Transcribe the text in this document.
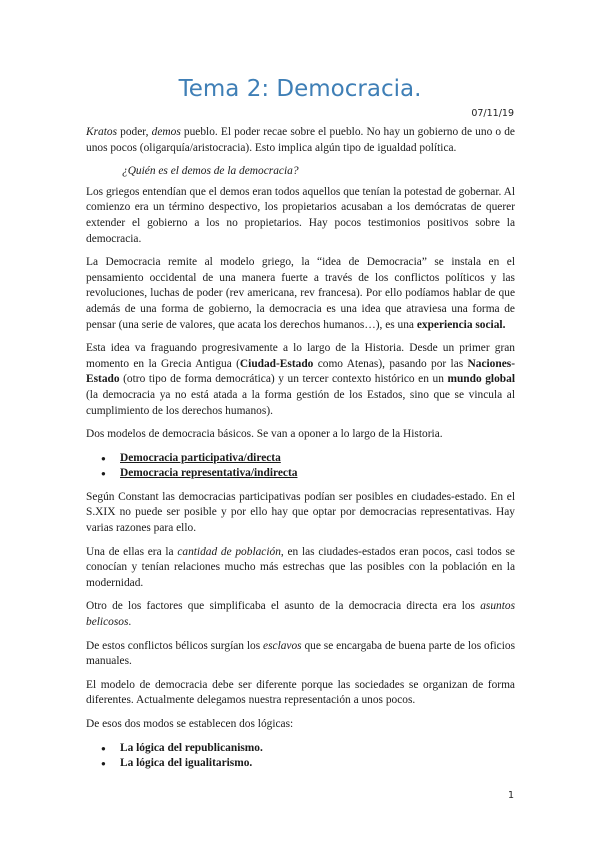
Tema 2: Democracia.
07/11/19

Kratos poder, demos pueblo. El poder recae sobre el pueblo. No hay un gobierno de uno o de unos pocos (oligarquía/aristocracia). Esto implica algún tipo de igualdad política.

¿Quién es el demos de la democracia?

Los griegos entendían que el demos eran todos aquellos que tenían la potestad de gobernar. Al comienzo era un término despectivo, los propietarios acusaban a los demócratas de querer extender el gobierno a los no propietarios. Hay pocos testimonios positivos sobre la democracia.

La Democracia remite al modelo griego, la “idea de Democracia” se instala en el pensamiento occidental de una manera fuerte a través de los conflictos políticos y las revoluciones, luchas de poder (rev americana, rev francesa). Por ello podíamos hablar de que además de una forma de gobierno, la democracia es una idea que atraviesa una forma de pensar (una serie de valores, que acata los derechos humanos…), es una experiencia social.

Esta idea va fraguando progresivamente a lo largo de la Historia. Desde un primer gran momento en la Grecia Antigua (Ciudad-Estado como Atenas), pasando por las Naciones-Estado (otro tipo de forma democrática) y un tercer contexto histórico en un mundo global (la democracia ya no está atada a la forma gestión de los Estados, sino que se vincula al cumplimiento de los derechos humanos).

Dos modelos de democracia básicos. Se van a oponer a lo largo de la Historia.

● Democracia participativa/directa
● Democracia representativa/indirecta

Según Constant las democracias participativas podían ser posibles en ciudades-estado. En el S.XIX no puede ser posible y por ello hay que optar por democracias representativas. Hay varias razones para ello.

Una de ellas era la cantidad de población, en las ciudades-estados eran pocos, casi todos se conocían y tenían relaciones mucho más estrechas que las posibles con la población en la modernidad.

Otro de los factores que simplificaba el asunto de la democracia directa era los asuntos belicosos.

De estos conflictos bélicos surgían los esclavos que se encargaba de buena parte de los oficios manuales.

El modelo de democracia debe ser diferente porque las sociedades se organizan de forma diferentes. Actualmente delegamos nuestra representación a unos pocos.

De esos dos modos se establecen dos lógicas:

● La lógica del republicanismo.
● La lógica del igualitarismo.
1
